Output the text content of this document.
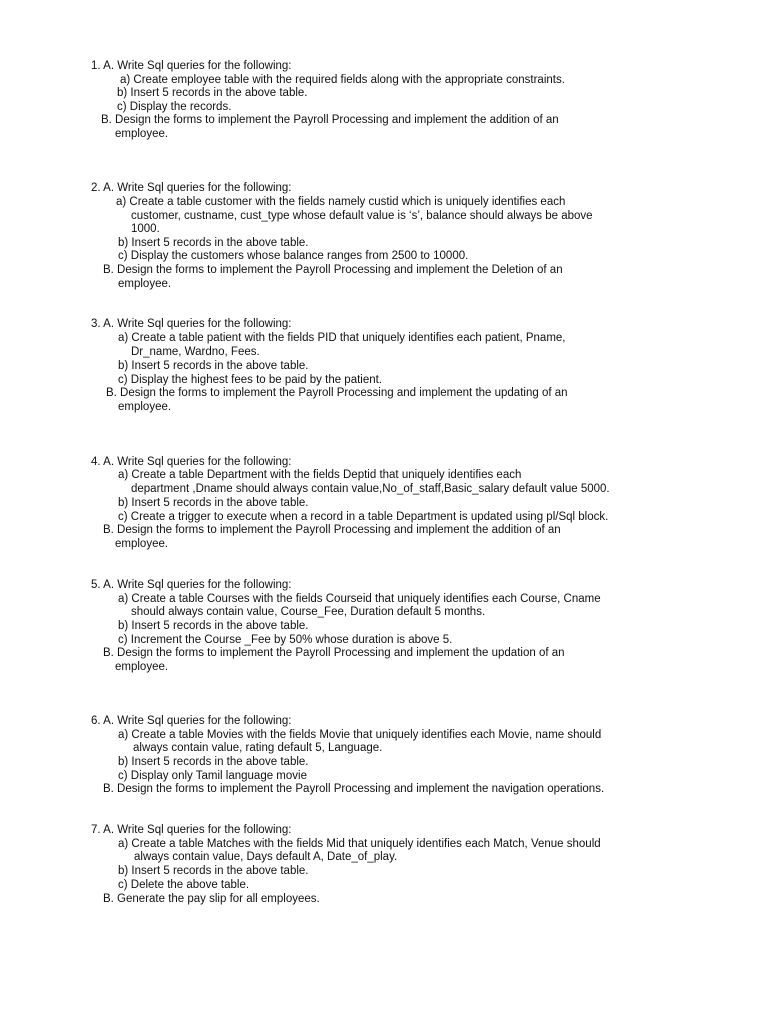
1. A. Write Sql queries for the following:
a) Create employee table with the required fields along with the appropriate constraints.
b) Insert 5 records in the above table.
c) Display the records.
B. Design the forms to implement the Payroll Processing and implement the addition of an
employee.
2. A. Write Sql queries for the following:
a) Create a table customer with the fields namely custid which is uniquely identifies each
customer, custname, cust_type whose default value is ‘s’, balance should always be above
1000.
b) Insert 5 records in the above table.
c) Display the customers whose balance ranges from 2500 to 10000.
B. Design the forms to implement the Payroll Processing and implement the Deletion of an
employee.
3. A. Write Sql queries for the following:
a) Create a table patient with the fields PID that uniquely identifies each patient, Pname,
Dr_name, Wardno, Fees.
b) Insert 5 records in the above table.
c) Display the highest fees to be paid by the patient.
B. Design the forms to implement the Payroll Processing and implement the updating of an
employee.
4. A. Write Sql queries for the following:
a) Create a table Department with the fields Deptid that uniquely identifies each
department ,Dname should always contain value,No_of_staff,Basic_salary default value 5000.
b) Insert 5 records in the above table.
c) Create a trigger to execute when a record in a table Department is updated using pl/Sql block.
B. Design the forms to implement the Payroll Processing and implement the addition of an
employee.
5. A. Write Sql queries for the following:
a) Create a table Courses with the fields Courseid that uniquely identifies each Course, Cname
should always contain value, Course_Fee, Duration default 5 months.
b) Insert 5 records in the above table.
c) Increment the Course _Fee by 50% whose duration is above 5.
B. Design the forms to implement the Payroll Processing and implement the updation of an
employee.
6. A. Write Sql queries for the following:
a) Create a table Movies with the fields Movie that uniquely identifies each Movie, name should
always contain value, rating default 5, Language.
b) Insert 5 records in the above table.
c) Display only Tamil language movie
B. Design the forms to implement the Payroll Processing and implement the navigation operations.
7. A. Write Sql queries for the following:
a) Create a table Matches with the fields Mid that uniquely identifies each Match, Venue should
always contain value, Days default A, Date_of_play.
b) Insert 5 records in the above table.
c) Delete the above table.
B. Generate the pay slip for all employees.
